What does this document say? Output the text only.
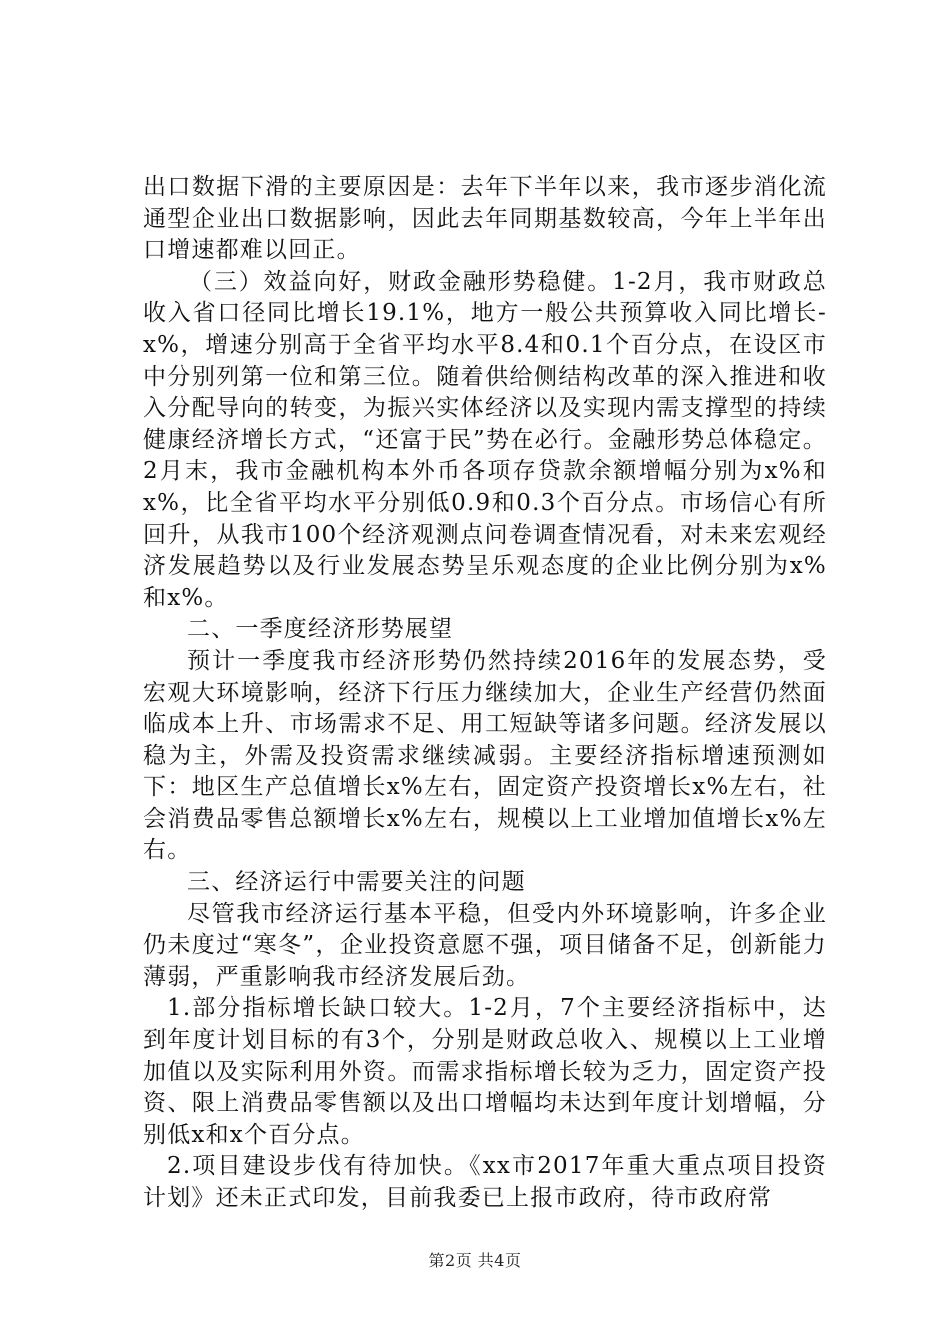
出口数据下滑的主要原因是：去年下半年以来，我市逐步消化流通型企业出口数据影响，因此去年同期基数较高，今年上半年出口增速都难以回正。

（三）效益向好，财政金融形势稳健。1-2月，我市财政总收入省口径同比增长19.1%，地方一般公共预算收入同比增长-x%，增速分别高于全省平均水平8.4和0.1个百分点，在设区市中分别列第一位和第三位。随着供给侧结构改革的深入推进和收入分配导向的转变，为振兴实体经济以及实现内需支撑型的持续健康经济增长方式，“还富于民”势在必行。金融形势总体稳定。2月末，我市金融机构本外币各项存贷款余额增幅分别为x%和x%，比全省平均水平分别低0.9和0.3个百分点。市场信心有所回升，从我市100个经济观测点问卷调查情况看，对未来宏观经济发展趋势以及行业发展态势呈乐观态度的企业比例分别为x%和x%。

二、一季度经济形势展望

预计一季度我市经济形势仍然持续2016年的发展态势，受宏观大环境影响，经济下行压力继续加大，企业生产经营仍然面临成本上升、市场需求不足、用工短缺等诸多问题。经济发展以稳为主，外需及投资需求继续减弱。主要经济指标增速预测如下：地区生产总值增长x%左右，固定资产投资增长x%左右，社会消费品零售总额增长x%左右，规模以上工业增加值增长x%左右。

三、经济运行中需要关注的问题

尽管我市经济运行基本平稳，但受内外环境影响，许多企业仍未度过“寒冬”，企业投资意愿不强，项目储备不足，创新能力薄弱，严重影响我市经济发展后劲。

1.部分指标增长缺口较大。1-2月，7个主要经济指标中，达到年度计划目标的有3个，分别是财政总收入、规模以上工业增加值以及实际利用外资。而需求指标增长较为乏力，固定资产投资、限上消费品零售额以及出口增幅均未达到年度计划增幅，分别低x和x个百分点。

2.项目建设步伐有待加快。《xx市2017年重大重点项目投资计划》还未正式印发，目前我委已上报市政府，待市政府常

第2页 共4页
